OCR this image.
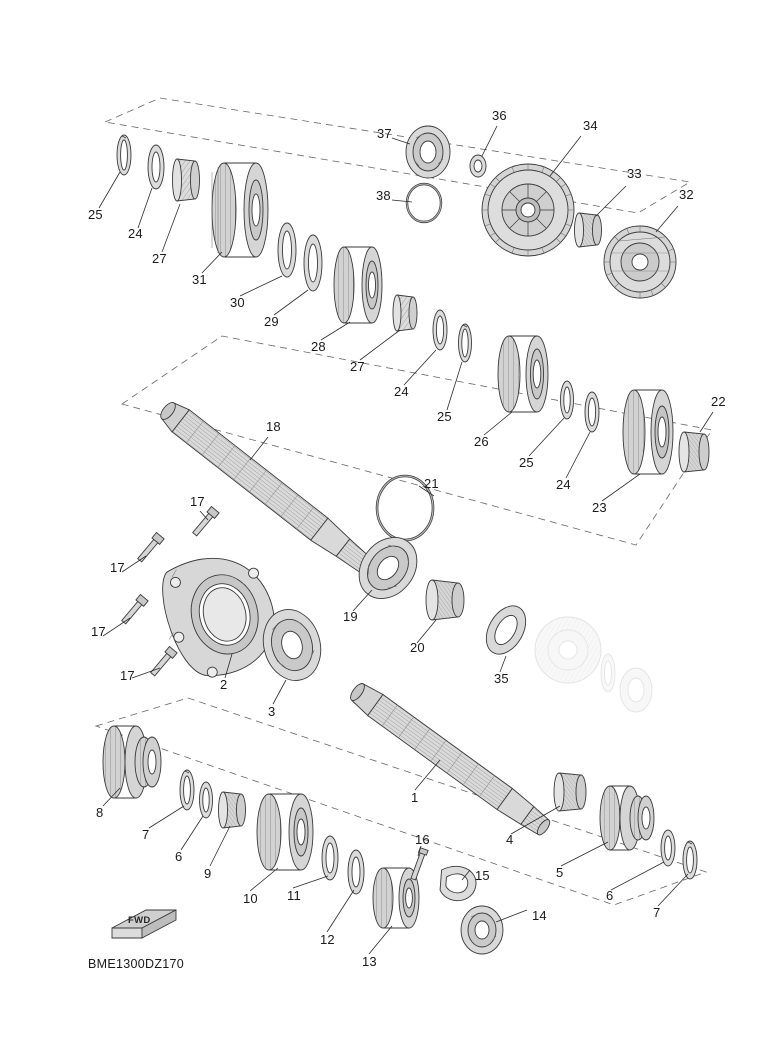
25
24
27
31
30
29
28
27
24
25
26
25
24
23
22
37
36
34
33
32
38
18
21
19
20
35
17
17
17
17
2
3
8
7
6
9
10 11
12
13
16
15
14
1
4
5
6
7
FWD
BME1300DZ170
